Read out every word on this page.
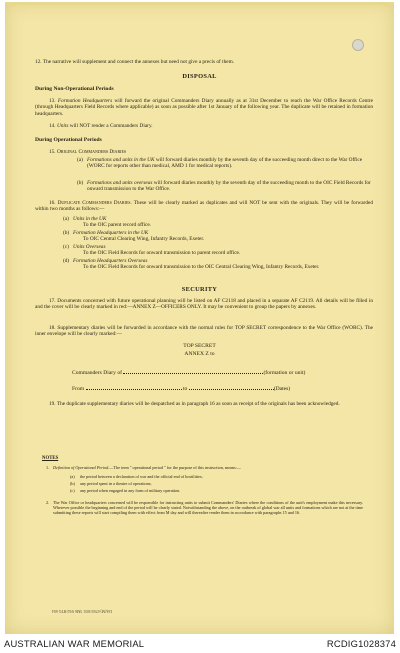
12. The narrative will supplement and connect the annexes but need not give a precis of them.
DISPOSAL
During Non-Operational Periods
13. Formation Headquarters will forward the original Commanders Diary annually as at 31st December to reach the War Office Records Centre (through Headquarters Field Records where applicable) as soon as possible after 1st January of the following year. The duplicate will be retained in formation headquarters.
14. Units will NOT render a Commanders Diary.
During Operational Periods
15. Original Commanders Diaries
(a) Formations and units in the UK will forward diaries monthly by the seventh day of the succeeding month direct to the War Office (WORC for reports other than medical, AMD 1 for medical reports).
(b) Formations and units overseas will forward diaries monthly by the seventh day of the succeeding month to the OIC Field Records for onward transmission to the War Office.
16. Duplicate Commanders Diaries. These will be clearly marked as duplicates and will NOT be sent with the originals. They will be forwarded within two months as follows:—
(a) Units in the UK
To the OIC parent record office.
(b) Formation Headquarters in the UK
To OIC Central Clearing Wing, Infantry Records, Exeter.
(c) Units Overseas
To the OIC Field Records for onward transmission to parent record office.
(d) Formation Headquarters Overseas
To the OIC Field Records for onward transmission to the OIC Central Clearing Wing, Infantry Records, Exeter.
SECURITY
17. Documents concerned with future operational planning will be listed on AF C2118 and placed in a separate AF C2119. All details will be filled in and the cover will be clearly marked in red:—ANNEX Z—OFFICERS ONLY. It may be convenient to group the papers by annexes.
18. Supplementary diaries will be forwarded in accordance with the normal rules for TOP SECRET correspondence to the War Office (WORC). The inner envelope will be clearly marked:—
TOP SECRET
ANNEX Z to
Commanders Diary of	(formation or unit)
From	to	(Dates)
19. The duplicate supplementary diaries will be despatched as in paragraph 16 as soon as receipt of the originals has been acknowledged.
NOTES
1. Definition of Operational Period.—The term " operational period " for the purpose of this instruction, means:—
(a) the period between a declaration of war and the official end of hostilities;
(b) any period spent in a theatre of operations;
(c) any period when engaged in any form of military operation.
2. The War Office or headquarters concerned will be responsible for instructing units to submit Commanders' Diaries where the conditions of the unit's employment make this necessary. Wherever possible the beginning and end of the period will be clearly stated. Notwithstanding the above, on the outbreak of global war all units and formations which are not at the time submitting these reports will start compiling them with effect from M day and will thereafter render them in accordance with paragraphs 15 and 16.
DA(M) 6765/3051 5M6 9/62 HTG 604
AUSTRALIAN WAR MEMORIAL	RCDIG1028374
